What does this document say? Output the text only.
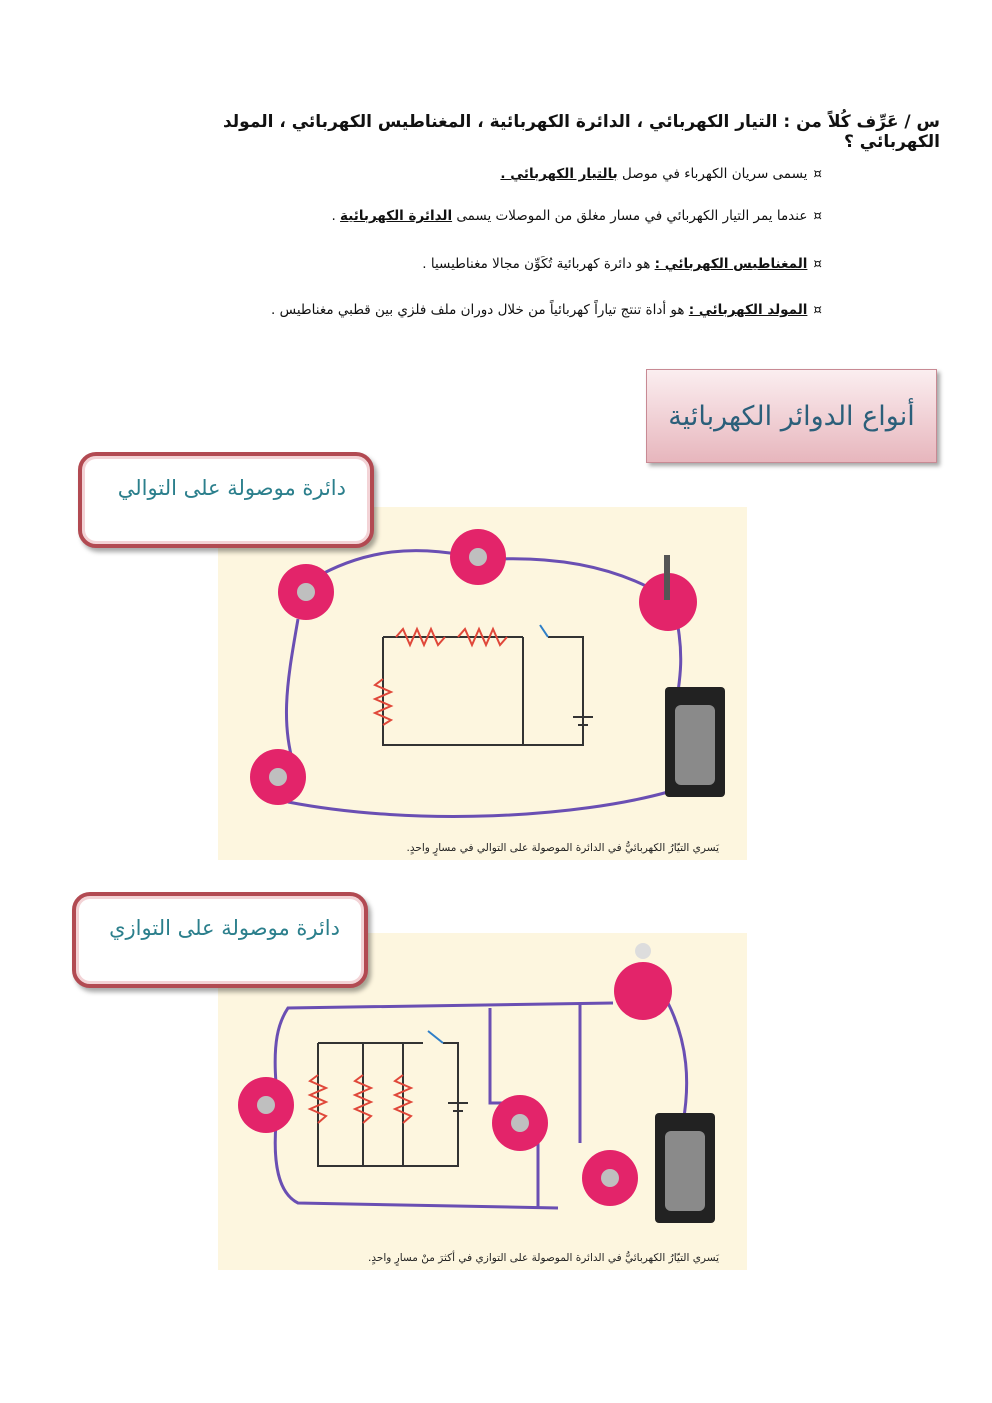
س / عَرِّف كُلاً من : التيار الكهربائي ، الدائرة الكهربائية ، المغناطيس الكهربائي ، المولد الكهربائي ؟
¤يسمى سريان الكهرباء في موصل بالتيار الكهربائي .
¤عندما يمر التيار الكهربائي في مسار مغلق من الموصلات يسمى الدائرة الكهربائية .
¤المغناطيس الكهربائي : هو دائرة كهربائية تُكَوِّن مجالا مغناطيسيا .
¤المولد الكهربائي : هو أداة تنتج تياراً كهربائياً من خلال دوران ملف فلزي بين قطبي مغناطيس .
أنواع الدوائر الكهربائية
يَسري التيّارُ الكهربائيُّ في الدائرة الموصولة على التوالي في مسارٍ واحدٍ.
دائرة موصولة على التوالي
يَسري التيّارُ الكهربائيُّ في الدائرة الموصولة على التوازي في أكثرَ منْ مسارٍ واحدٍ.
دائرة موصولة على التوازي
